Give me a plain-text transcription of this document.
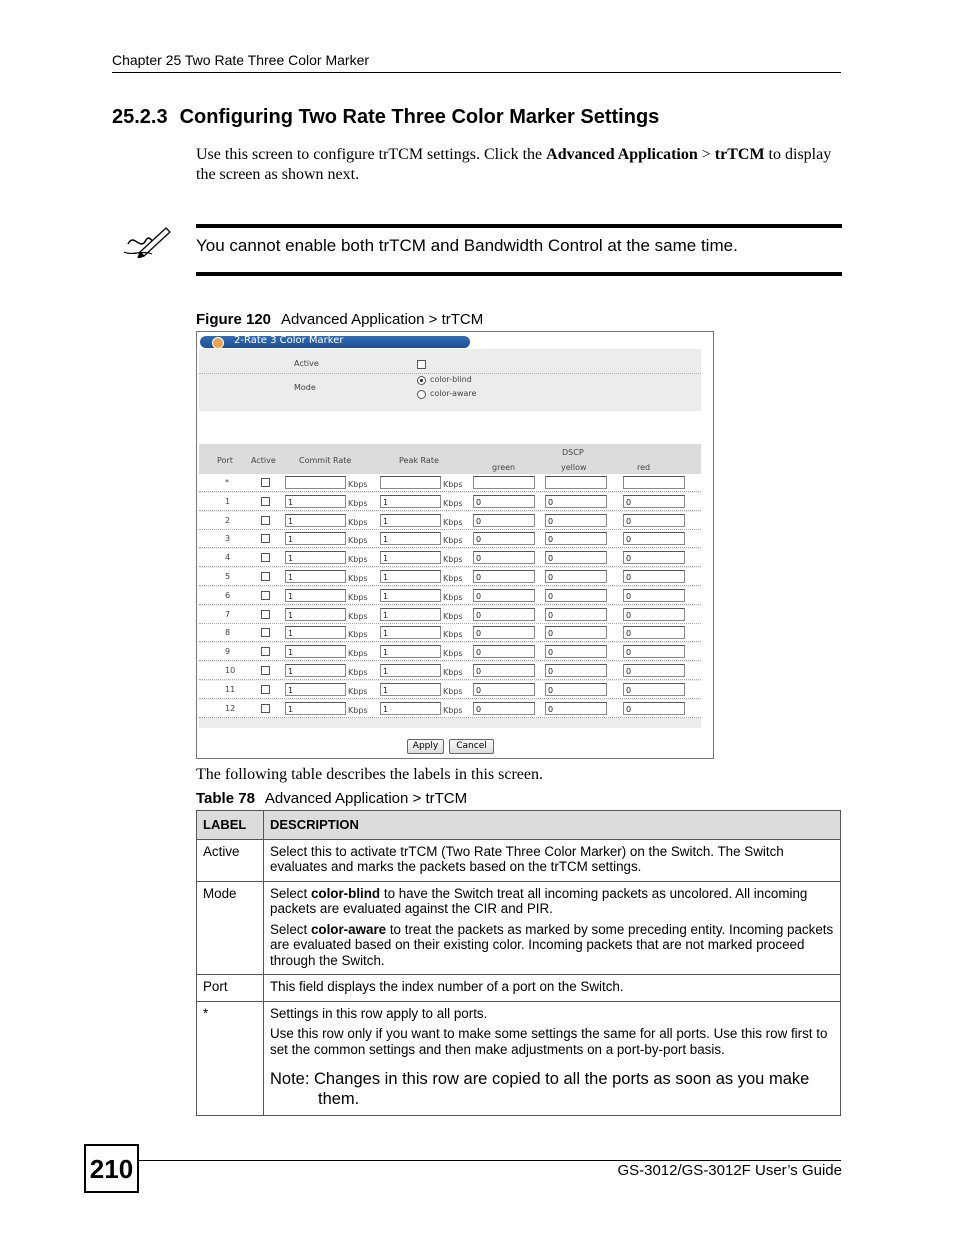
Chapter 25 Two Rate Three Color Marker
25.2.3 Configuring Two Rate Three Color Marker Settings
Use this screen to configure trTCM settings. Click the Advanced Application > trTCM to display the screen as shown next.
You cannot enable both trTCM and Bandwidth Control at the same time.
Figure 120 Advanced Application > trTCM
2-Rate 3 Color Marker
Active
Mode
color-blind
color-aware
Port Active	Commit Rate	Peak Rate
DSCP
green	yellow	red
*	Kbps	Kbps
1	1	Kbps	1	Kbps	0	0	0
2	1	Kbps	1	Kbps	0	0	0
3	1	Kbps	1	Kbps	0	0	0
4	1	Kbps	1	Kbps	0	0	0
5	1	Kbps	1	Kbps	0	0	0
6	1	Kbps	1	Kbps	0	0	0
7	1	Kbps	1	Kbps	0	0	0
8	1	Kbps	1	Kbps	0	0	0
9	1	Kbps	1	Kbps	0	0	0
10	1	Kbps	1	Kbps	0	0	0
11	1	Kbps	1	Kbps	0	0	0
12	1	Kbps	1	Kbps	0	0	0
Apply	Cancel
The following table describes the labels in this screen.
Table 78 Advanced Application > trTCM
LABEL	DESCRIPTION
Active	Select this to activate trTCM (Two Rate Three Color Marker) on the Switch. The Switch evaluates and marks the packets based on the trTCM settings.
Mode	Select color-blind to have the Switch treat all incoming packets as uncolored. All incoming packets are evaluated against the CIR and PIR.

Select color-aware to treat the packets as marked by some preceding entity. Incoming packets are evaluated based on their existing color. Incoming packets that are not marked proceed through the Switch.

Port	This field displays the index number of a port on the Switch.
*	Settings in this row apply to all ports.

Use this row only if you want to make some settings the same for all ports. Use this row first to set the common settings and then make adjustments on a port-by-port basis.

Note: Changes in this row are copied to all the ports as soon as you make them.

210	GS-3012/GS-3012F User’s Guide
